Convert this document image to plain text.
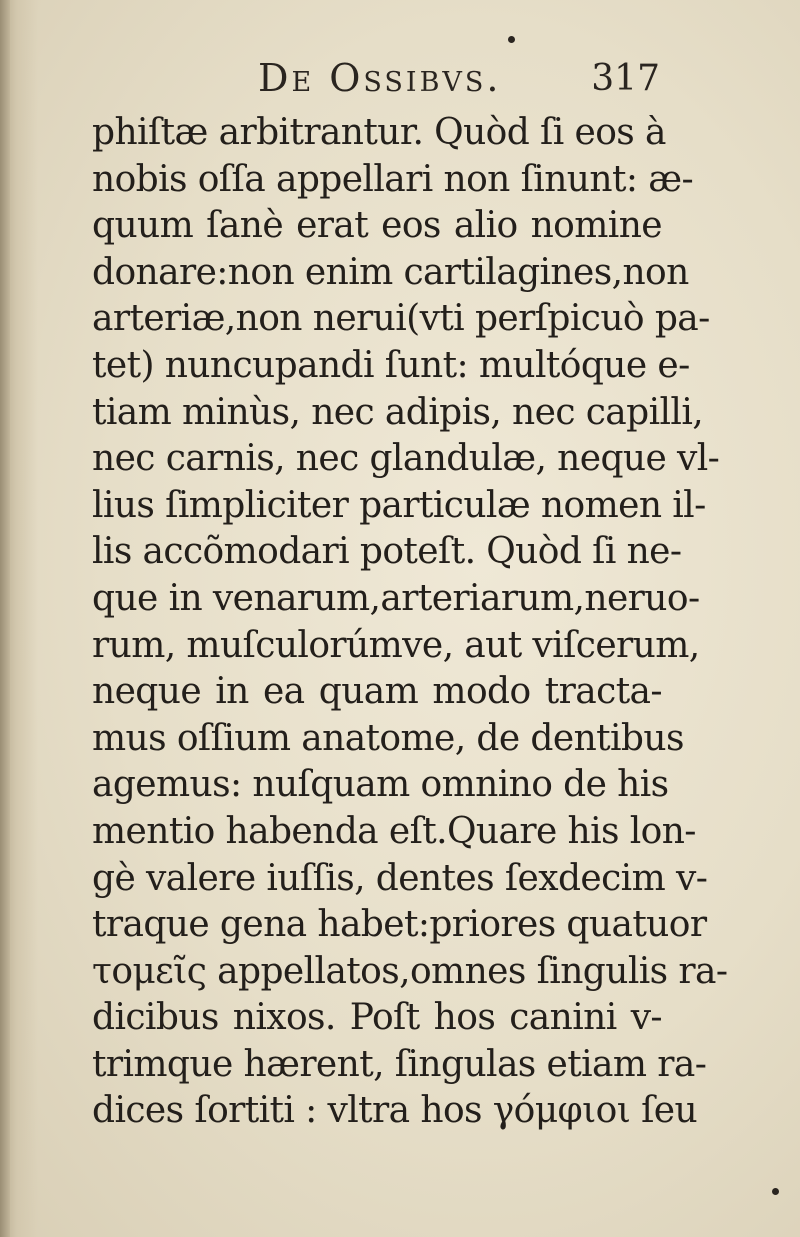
De Ossibvs. 317
phiſtæ arbitrantur. Quòd ſi eos à
nobis oſſa appellari non ſinunt: æ-
quum ſanè erat eos alio nomine
donare:non enim cartilagines,non
arteriæ,non nerui(vti perſpicuò pa-
tet) nuncupandi ſunt: multóque e-
tiam minùs, nec adipis, nec capilli,
nec carnis, nec glandulæ, neque vl-
lius ſimpliciter particulæ nomen il-
lis accõmodari poteſt. Quòd ſi ne-
que in venarum,arteriarum,neruo-
rum, muſculorúmve, aut viſcerum,
neque in ea quam modo tracta-
mus oſſium anatome, de dentibus
agemus: nuſquam omnino de his
mentio habenda eſt.Quare his lon-
gè valere iuſſis, dentes ſexdecim v-
traque gena habet:priores quatuor
τομεῖς appellatos,omnes ſingulis ra-
dicibus nixos. Poſt hos canini v-
trimque hærent, ſingulas etiam ra-
dices ſortiti : vltra hos γόμφιοι ſeu
